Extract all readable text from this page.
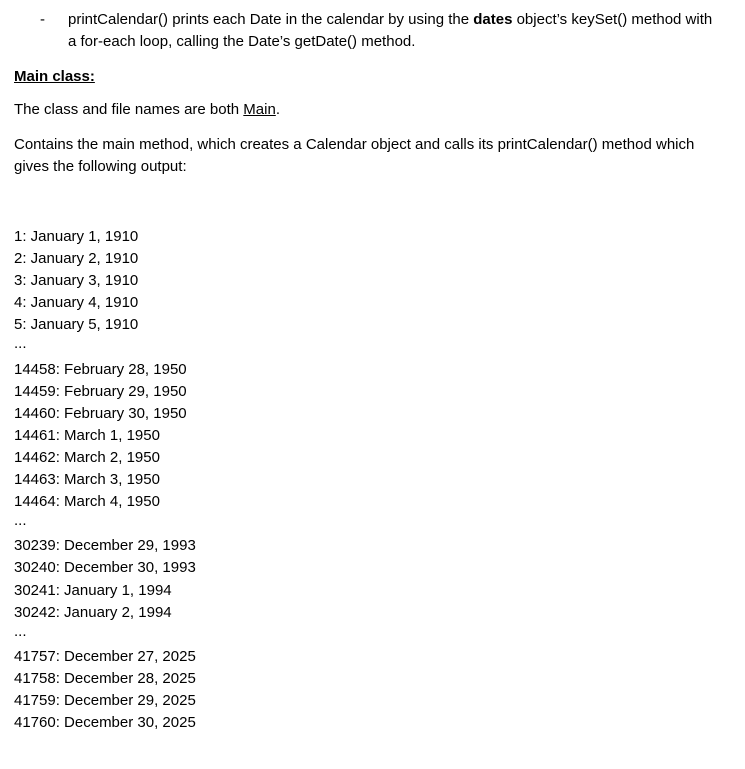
- printCalendar() prints each Date in the calendar by using the dates object’s keySet() method with a for-each loop, calling the Date’s getDate() method.
Main class:
The class and file names are both Main.
Contains the main method, which creates a Calendar object and calls its printCalendar() method which gives the following output:
1: January 1, 1910
2: January 2, 1910
3: January 3, 1910
4: January 4, 1910
5: January 5, 1910
...
14458: February 28, 1950
14459: February 29, 1950
14460: February 30, 1950
14461: March 1, 1950
14462: March 2, 1950
14463: March 3, 1950
14464: March 4, 1950
...
30239: December 29, 1993
30240: December 30, 1993
30241: January 1, 1994
30242: January 2, 1994
...
41757: December 27, 2025
41758: December 28, 2025
41759: December 29, 2025
41760: December 30, 2025
